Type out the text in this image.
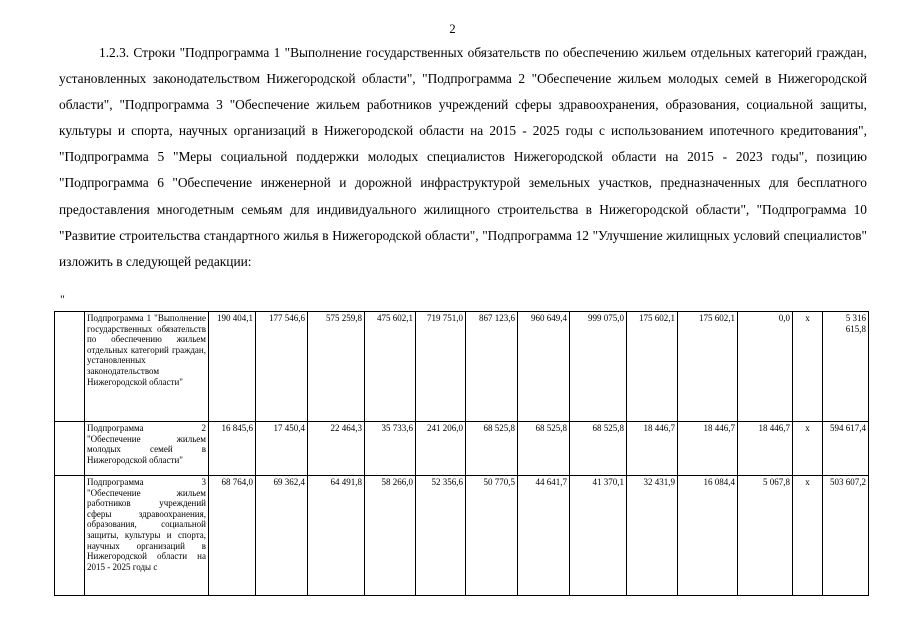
2

1.2.3. Строки "Подпрограмма 1 "Выполнение государственных обязательств по обеспечению жильем отдельных категорий граждан, установленных законодательством Нижегородской области", "Подпрограмма 2 "Обеспечение жильем молодых семей в Нижегородской области", "Подпрограмма 3 "Обеспечение жильем работников учреждений сферы здравоохранения, образования, социальной защиты, культуры и спорта, научных организаций в Нижегородской области на 2015 - 2025 годы с использованием ипотечного кредитования", "Подпрограмма 5 "Меры социальной поддержки молодых специалистов Нижегородской области на 2015 - 2023 годы", позицию "Подпрограмма 6 "Обеспечение инженерной и дорожной инфраструктурой земельных участков, предназначенных для бесплатного предоставления многодетным семьям для индивидуального жилищного строительства в Нижегородской области", "Подпрограмма 10 "Развитие строительства стандартного жилья в Нижегородской области", "Подпрограмма 12 "Улучшение жилищных условий специалистов" изложить в следующей редакции:

"
	Подпрограмма 1 "Выполнение государственных обязательств по обеспечению жильем отдельных категорий граждан, установленных законодательством Нижегородской области"	190 404,1	177 546,6	575 259,8	475 602,1	719 751,0	867 123,6	960 649,4	999 075,0	175 602,1	175 602,1	0,0	x	5 316 615,8
	Подпрограмма 2 "Обеспечение жильем молодых семей в Нижегородской области"	16 845,6	17 450,4	22 464,3	35 733,6	241 206,0	68 525,8	68 525,8	68 525,8	18 446,7	18 446,7	18 446,7	x	594 617,4
	Подпрограмма 3 "Обеспечение жильем работников учреждений сферы здравоохранения, образования, социальной защиты, культуры и спорта, научных организаций в Нижегородской области на 2015 - 2025 годы с	68 764,0	69 362,4	64 491,8	58 266,0	52 356,6	50 770,5	44 641,7	41 370,1	32 431,9	16 084,4	5 067,8	x	503 607,2
